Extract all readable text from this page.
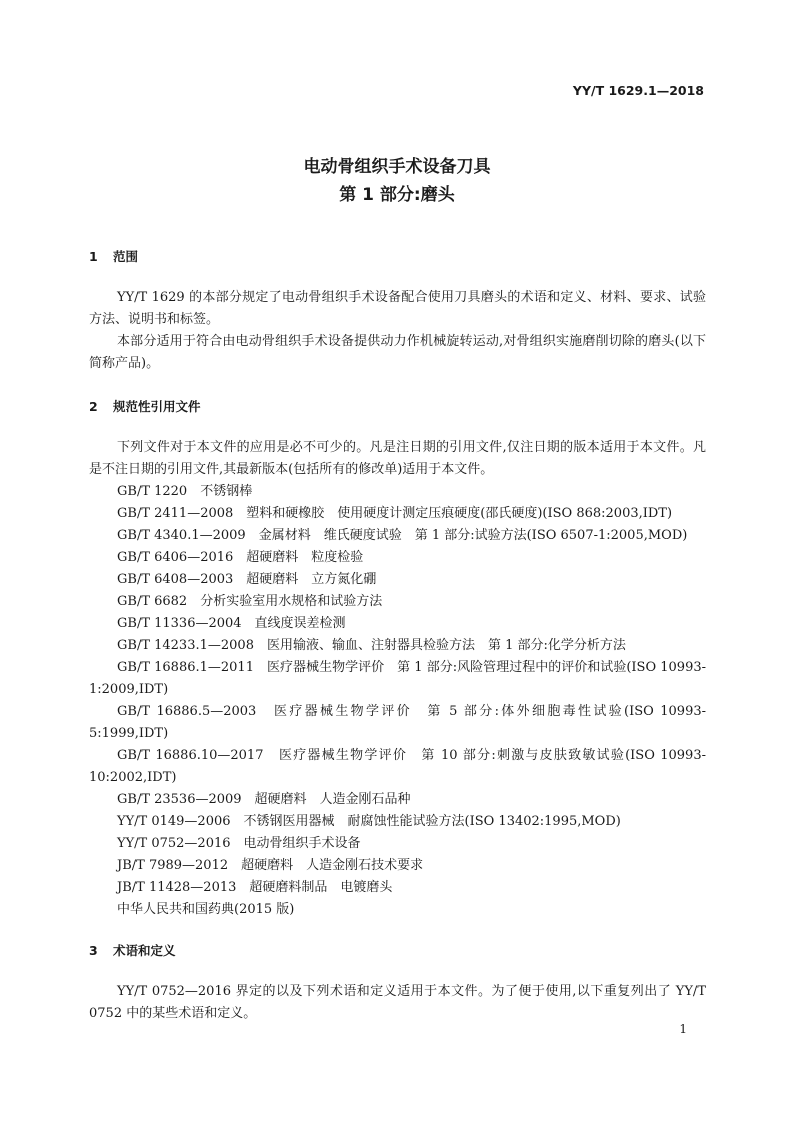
YY/T 1629.1—2018
电动骨组织手术设备刀具
第 1 部分:磨头
1 范围
YY/T 1629 的本部分规定了电动骨组织手术设备配合使用刀具磨头的术语和定义、材料、要求、试验方法、说明书和标签。
本部分适用于符合由电动骨组织手术设备提供动力作机械旋转运动,对骨组织实施磨削切除的磨头(以下简称产品)。
2 规范性引用文件
下列文件对于本文件的应用是必不可少的。凡是注日期的引用文件,仅注日期的版本适用于本文件。凡是不注日期的引用文件,其最新版本(包括所有的修改单)适用于本文件。
GB/T 1220　不锈钢棒
GB/T 2411—2008　塑料和硬橡胶　使用硬度计测定压痕硬度(邵氏硬度)(ISO 868:2003,IDT)
GB/T 4340.1—2009　金属材料　维氏硬度试验　第 1 部分:试验方法(ISO 6507-1:2005,MOD)
GB/T 6406—2016　超硬磨料　粒度检验
GB/T 6408—2003　超硬磨料　立方氮化硼
GB/T 6682　分析实验室用水规格和试验方法
GB/T 11336—2004　直线度误差检测
GB/T 14233.1—2008　医用输液、输血、注射器具检验方法　第 1 部分:化学分析方法
GB/T 16886.1—2011　医疗器械生物学评价　第 1 部分:风险管理过程中的评价和试验(ISO 10993-1:2009,IDT)
GB/T 16886.5—2003　医疗器械生物学评价　第 5 部分:体外细胞毒性试验(ISO 10993-5:1999,IDT)
GB/T 16886.10—2017　医疗器械生物学评价　第 10 部分:刺激与皮肤致敏试验(ISO 10993-10:2002,IDT)
GB/T 23536—2009　超硬磨料　人造金刚石品种
YY/T 0149—2006　不锈钢医用器械　耐腐蚀性能试验方法(ISO 13402:1995,MOD)
YY/T 0752—2016　电动骨组织手术设备
JB/T 7989—2012　超硬磨料　人造金刚石技术要求
JB/T 11428—2013　超硬磨料制品　电镀磨头
中华人民共和国药典(2015 版)
3 术语和定义
YY/T 0752—2016 界定的以及下列术语和定义适用于本文件。为了便于使用,以下重复列出了 YY/T 0752 中的某些术语和定义。
1
